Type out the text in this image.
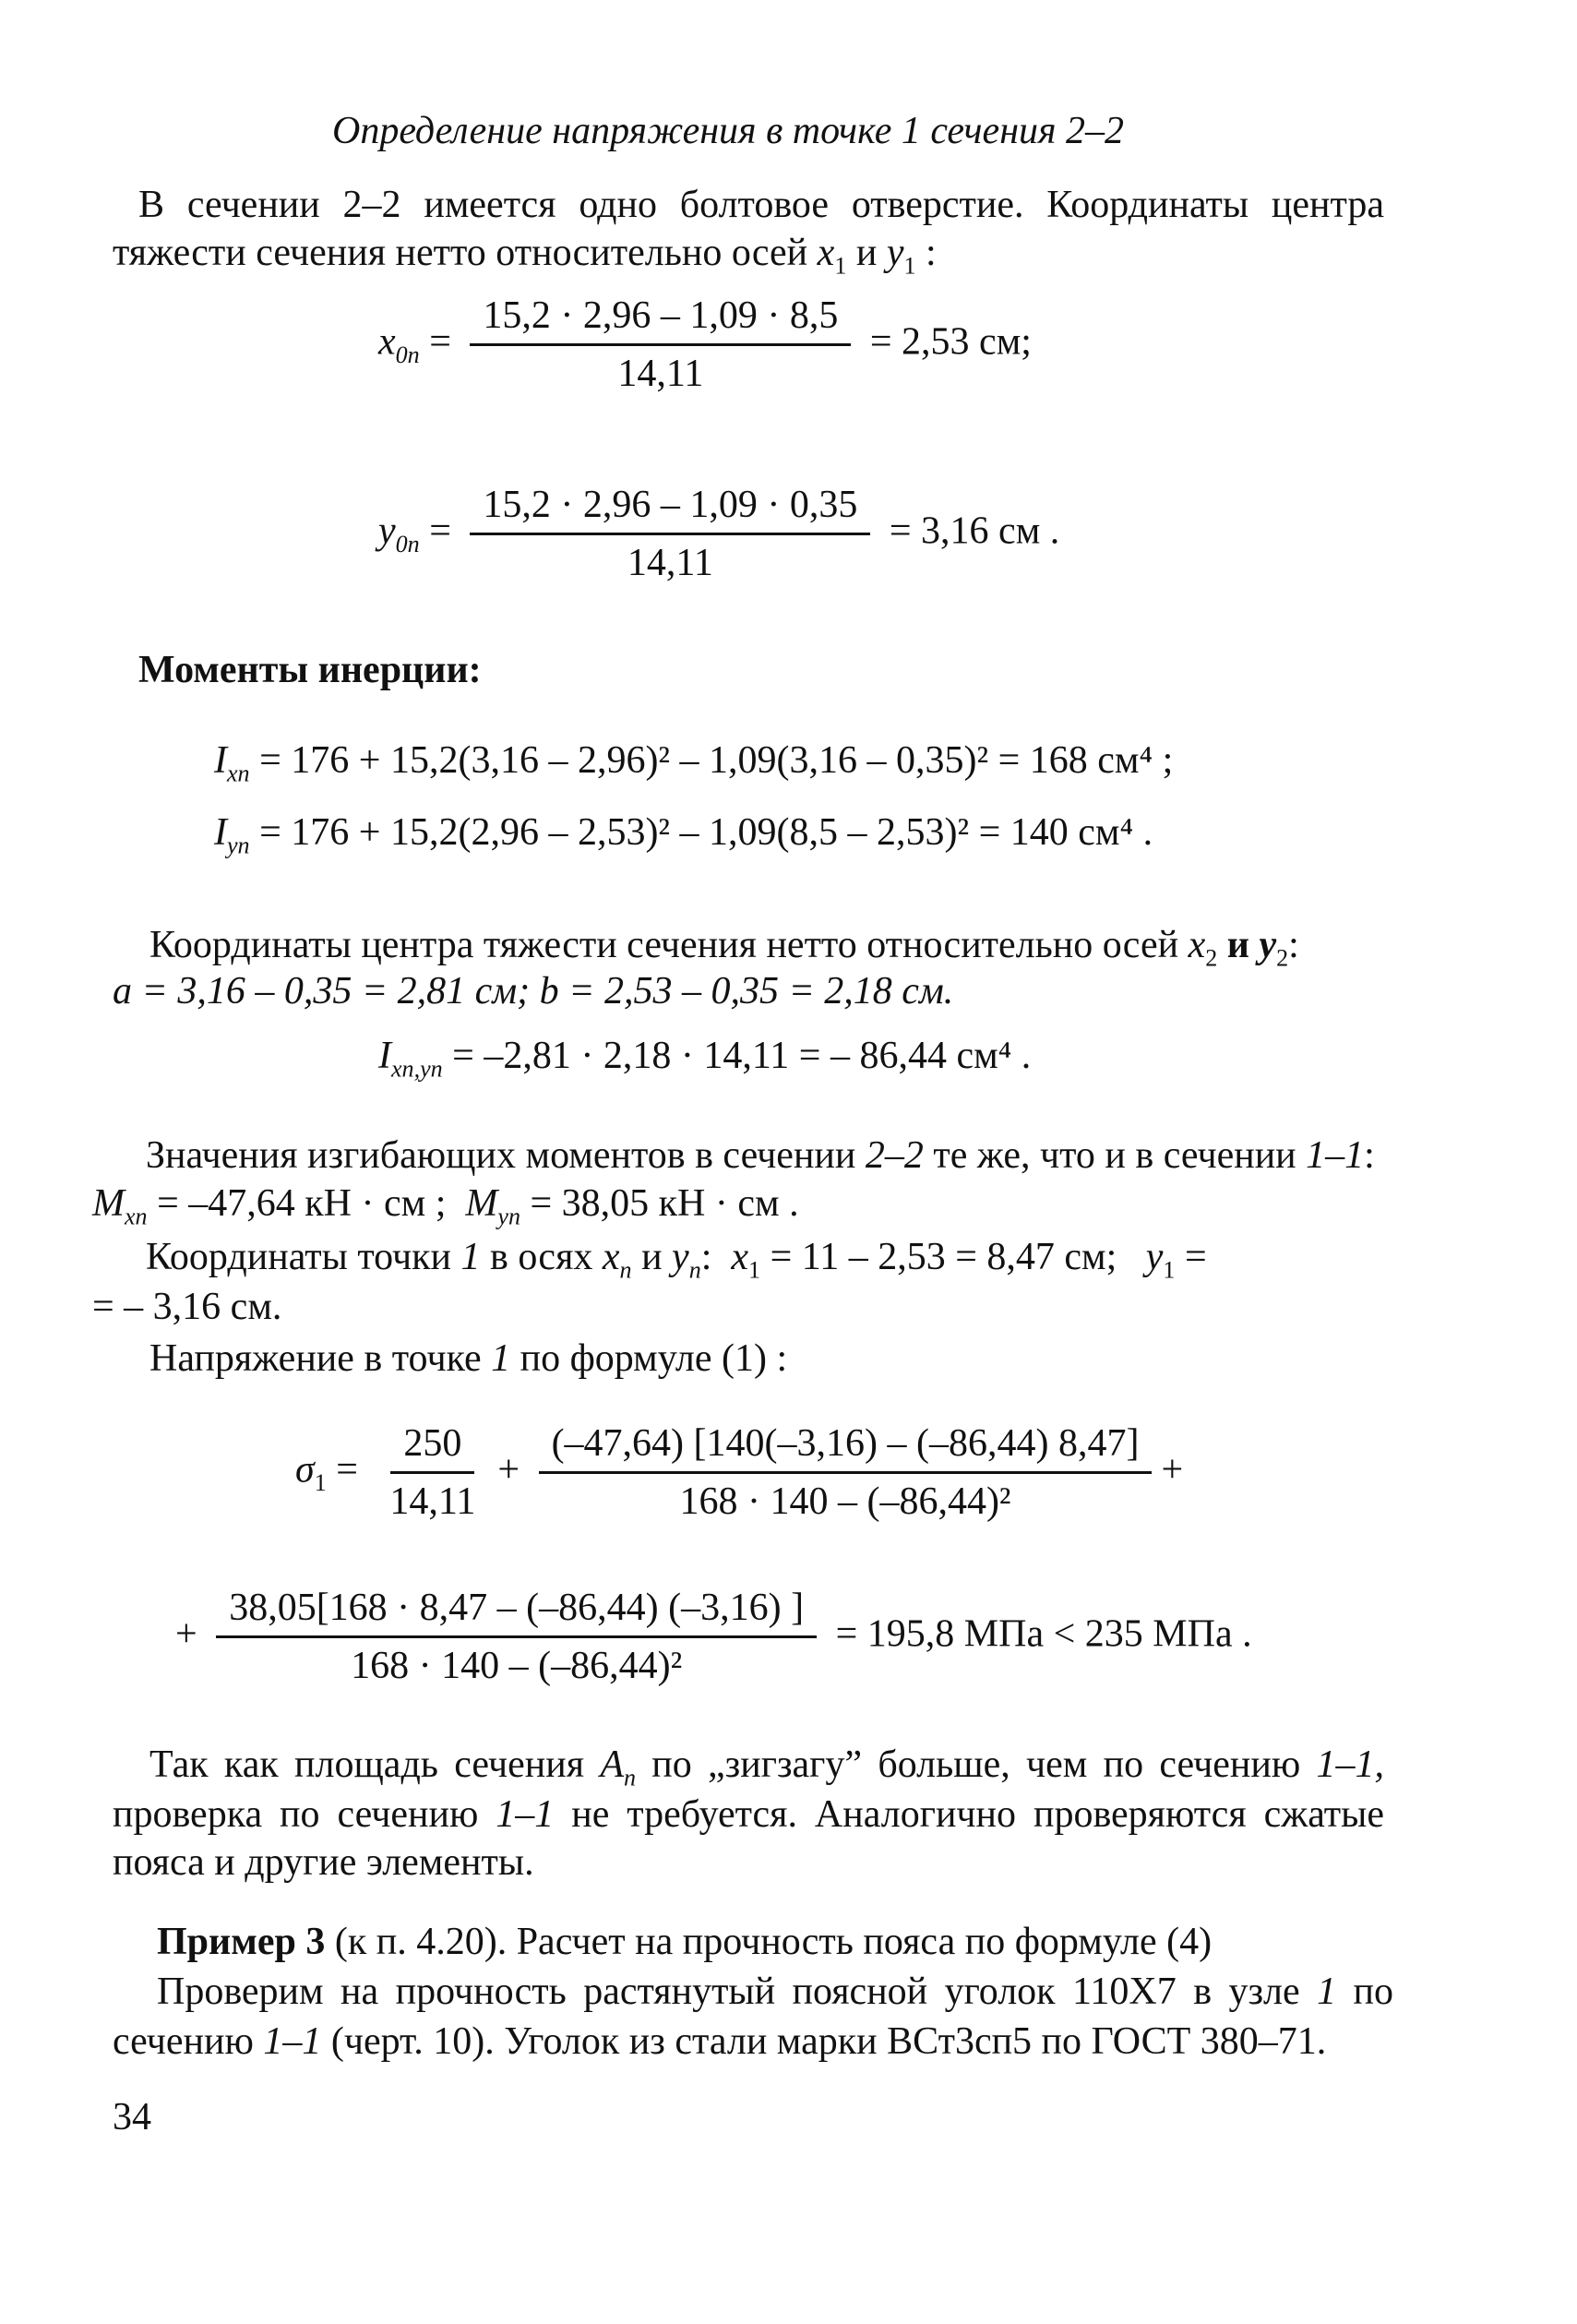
Определение напряжения в точке 1 сечения 2–2
В сечении 2–2 имеется одно болтовое отверстие. Координаты центра
тяжести сечения нетто относительно осей $x_1$ и $y_1$ :
$x_{0n} = \frac{15,2 \cdot 2,96 - 1,09 \cdot 8,5}{14,11} = 2,53$ см;
$y_{0n} = \frac{15,2 \cdot 2,96 - 1,09 \cdot 0,35}{14,11} = 3,16$ см .
Моменты инерции:
$I_{xn} = 176 + 15,2(3,16 - 2,96)^2 - 1,09(3,16 - 0,35)^2 = 168$ см⁴ ;
$I_{yn} = 176 + 15,2(2,96 - 2,53)^2 - 1,09(8,5 - 2,53)^2 = 140$ см⁴ .
Координаты центра тяжести сечения нетто относительно осей $x_2$ и $y_2$:
a = 3,16 – 0,35 = 2,81 см; b = 2,53 – 0,35 = 2,18 см.
$I_{xn,yn} = -2,81 \cdot 2,18 \cdot 14,11$ = – 86,44 см⁴ .
Значения изгибающих моментов в сечении 2–2 те же, что и в сечении 1–1:
$M_{xn} = -47,64$ кН · см ; $M_{yn} = 38,05$ кН · см .
Координаты точки 1 в осях $x_n$ и $y_n$: $x_1 = 11 - 2,53 = 8,47$ см; $y_1$ =
= – 3,16 см.
Напряжение в точке 1 по формуле (1) :
$\sigma_1 = \frac{250}{14,11} + \frac{(-47,64) [140(-3,16) - (-86,44) 8,47]}{\text{168 · 140 – (–86,44)²}}$ +
+ $\frac{38,05[168 \cdot 8,47 - (-86,44) (-3,16) ]}{\text{168 · 140 – (–86,44)²}} = 195,8$ МПа < 235 МПа .
Так как площадь сечения $A_n$ по „зигзагу” больше, чем по сечению 1–1,
проверка по сечению 1–1 не требуется. Аналогично проверяются сжатые
пояса и другие элементы.
Пример 3 (к п. 4.20). Расчет на прочность пояса по формуле (4)
Проверим на прочность растянутый поясной уголок 110Х7 в узле 1 по
сечению 1–1 (черт. 10). Уголок из стали марки ВСт3сп5 по ГОСТ 380–71.
34
